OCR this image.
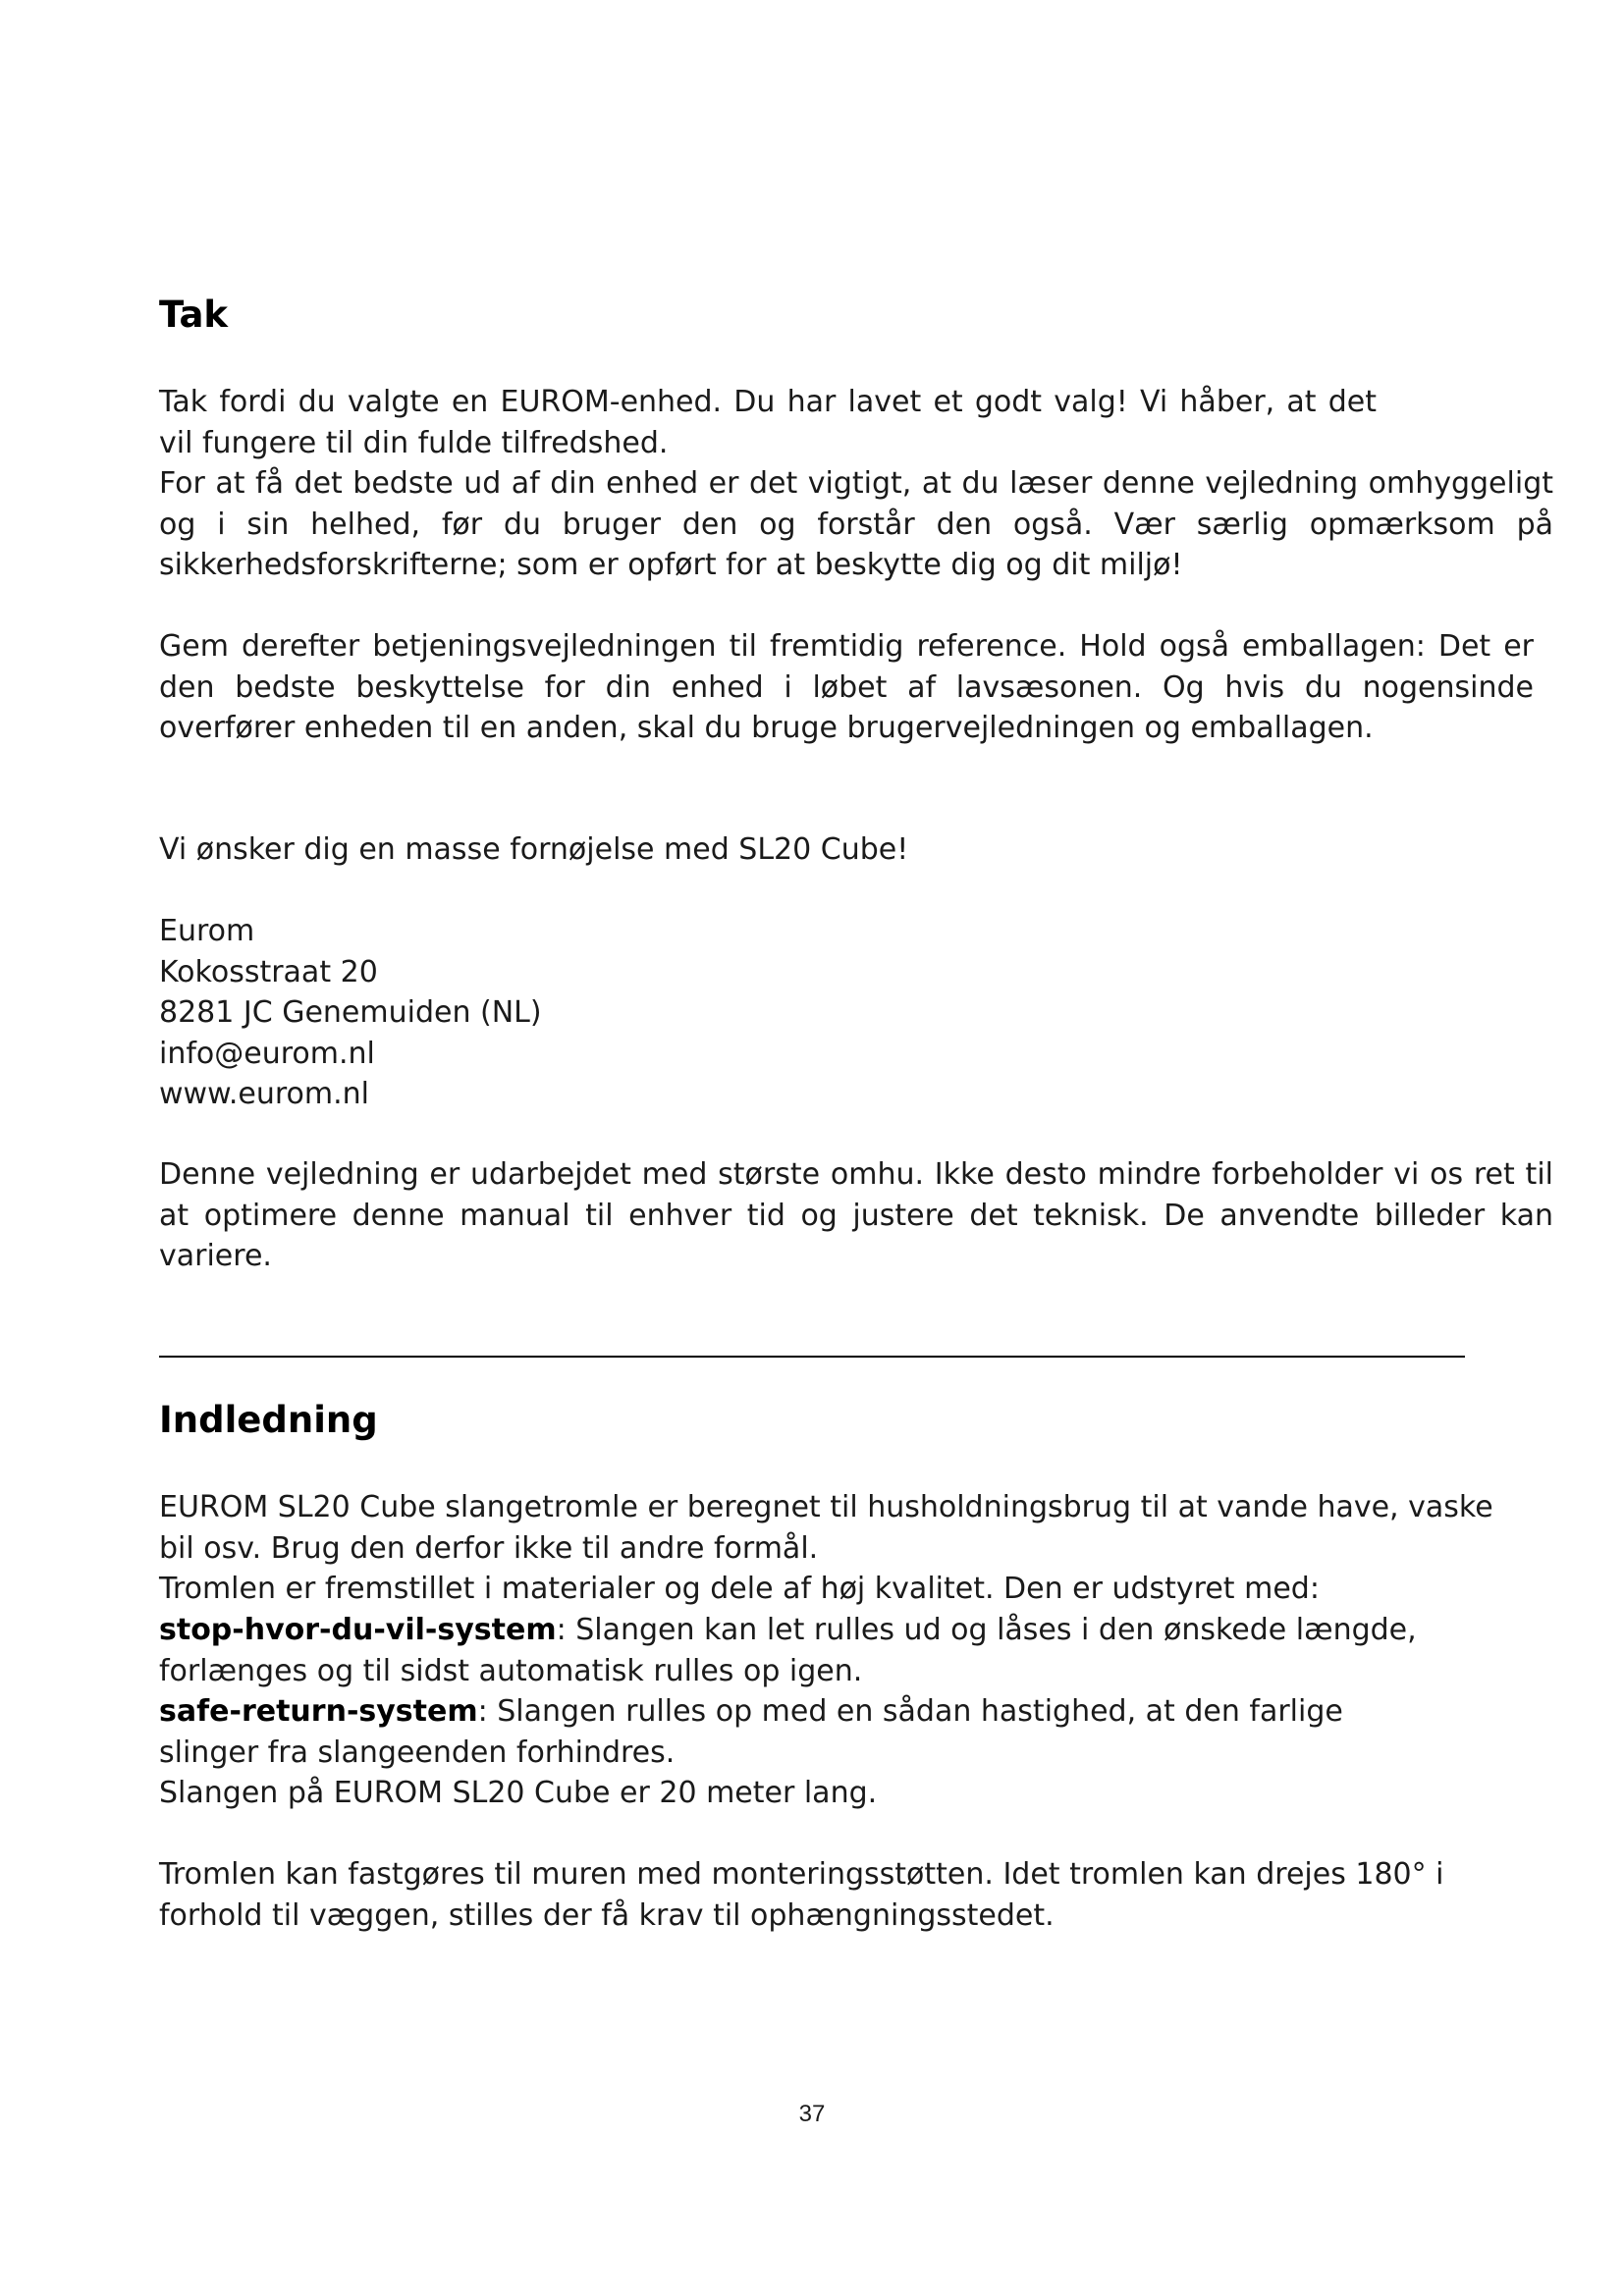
Tak

Tak fordi du valgte en EUROM-enhed. Du har lavet et godt valg! Vi håber, at det vil fungere til din fulde tilfredshed.

For at få det bedste ud af din enhed er det vigtigt, at du læser denne vejledning omhyggeligt og i sin helhed, før du bruger den og forstår den også. Vær særlig opmærksom på sikkerhedsforskrifterne; som er opført for at beskytte dig og dit miljø!

Gem derefter betjeningsvejledningen til fremtidig reference. Hold også emballagen: Det er den bedste beskyttelse for din enhed i løbet af lavsæsonen. Og hvis du nogensinde overfører enheden til en anden, skal du bruge brugervejledningen og emballagen.

Vi ønsker dig en masse fornøjelse med SL20 Cube!

Eurom
Kokosstraat 20
8281 JC Genemuiden (NL)
info@eurom.nl
www.eurom.nl

Denne vejledning er udarbejdet med største omhu. Ikke desto mindre forbeholder vi os ret til at optimere denne manual til enhver tid og justere det teknisk. De anvendte billeder kan variere.

Indledning

EUROM SL20 Cube slangetromle er beregnet til husholdningsbrug til at vande have, vaske bil osv. Brug den derfor ikke til andre formål.

Tromlen er fremstillet i materialer og dele af høj kvalitet. Den er udstyret med:

stop-hvor-du-vil-system: Slangen kan let rulles ud og låses i den ønskede længde, forlænges og til sidst automatisk rulles op igen.

safe-return-system: Slangen rulles op med en sådan hastighed, at den farlige slinger fra slangeenden forhindres.

Slangen på EUROM SL20 Cube er 20 meter lang.

Tromlen kan fastgøres til muren med monteringsstøtten. Idet tromlen kan drejes 180° i forhold til væggen, stilles der få krav til ophængningsstedet.

37
